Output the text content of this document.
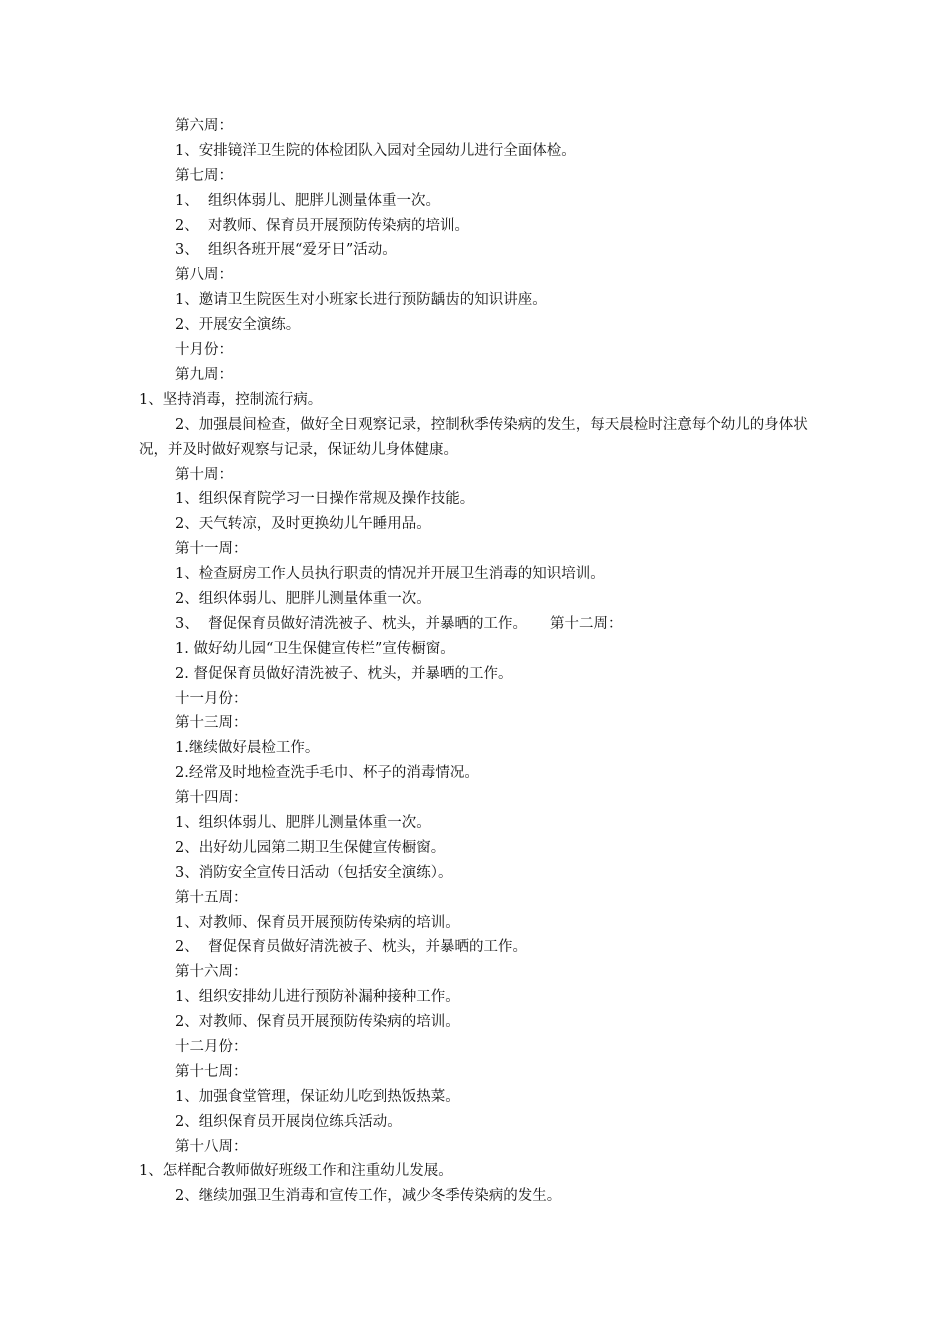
第六周：
1、安排镜洋卫生院的体检团队入园对全园幼儿进行全面体检。
第七周：
1、  组织体弱儿、肥胖儿测量体重一次。
2、  对教师、保育员开展预防传染病的培训。
3、  组织各班开展“爱牙日”活动。
第八周：
1、邀请卫生院医生对小班家长进行预防龋齿的知识讲座。
2、开展安全演练。
十月份：
第九周：
1、坚持消毒，控制流行病。
2、加强晨间检查，做好全日观察记录，控制秋季传染病的发生，每天晨检时注意每个幼儿的身体状况，并及时做好观察与记录，保证幼儿身体健康。
第十周：
1、组织保育院学习一日操作常规及操作技能。
2、天气转凉，及时更换幼儿午睡用品。
第十一周：
1、检查厨房工作人员执行职责的情况并开展卫生消毒的知识培训。
2、组织体弱儿、肥胖儿测量体重一次。
3、  督促保育员做好清洗被子、枕头，并暴晒的工作。     第十二周：
1. 做好幼儿园“卫生保健宣传栏”宣传橱窗。
2. 督促保育员做好清洗被子、枕头，并暴晒的工作。
十一月份：
第十三周：
1.继续做好晨检工作。
2.经常及时地检查洗手毛巾、杯子的消毒情况。
第十四周：
1、组织体弱儿、肥胖儿测量体重一次。
2、出好幼儿园第二期卫生保健宣传橱窗。
3、消防安全宣传日活动（包括安全演练）。
第十五周：
1、对教师、保育员开展预防传染病的培训。
2、  督促保育员做好清洗被子、枕头，并暴晒的工作。
第十六周：
1、组织安排幼儿进行预防补漏种接种工作。
2、对教师、保育员开展预防传染病的培训。
十二月份：
第十七周：
1、加强食堂管理，保证幼儿吃到热饭热菜。
2、组织保育员开展岗位练兵活动。
第十八周：
1、怎样配合教师做好班级工作和注重幼儿发展。
2、继续加强卫生消毒和宣传工作，减少冬季传染病的发生。
